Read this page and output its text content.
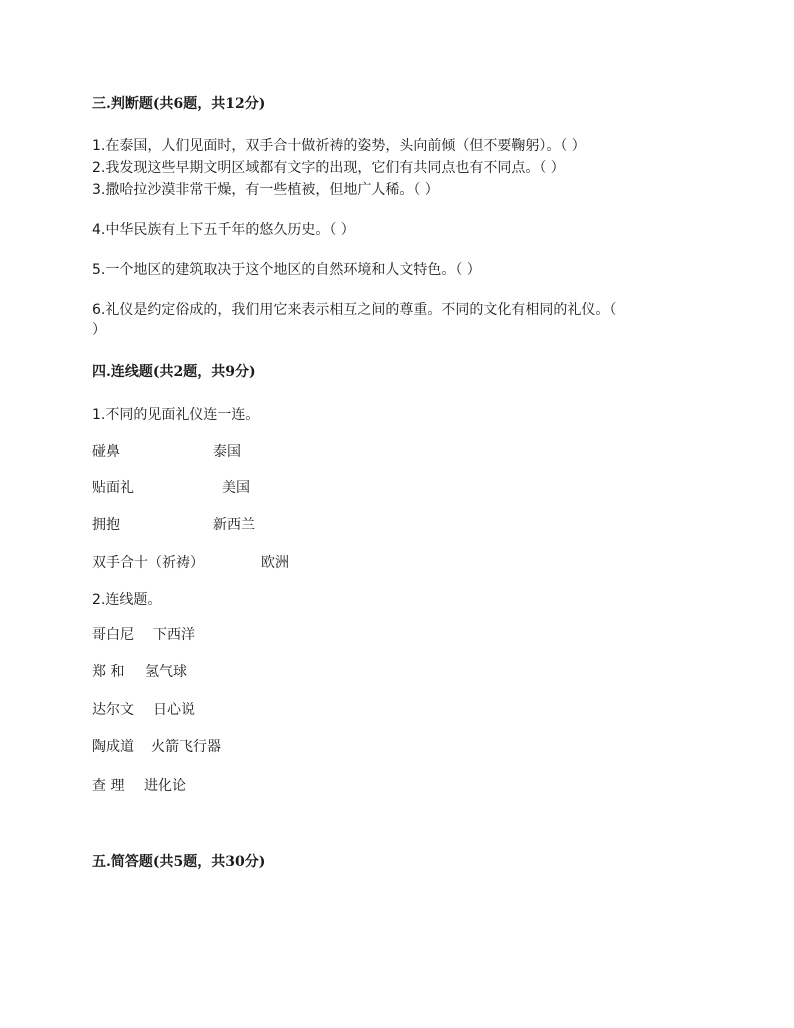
三.判断题(共6题，共12分)
1.在泰国，人们见面时，双手合十做祈祷的姿势，头向前倾（但不要鞠躬）。（ ）
2.我发现这些早期文明区域都有文字的出现，它们有共同点也有不同点。（ ）
3.撒哈拉沙漠非常干燥，有一些植被，但地广人稀。（ ）
4.中华民族有上下五千年的悠久历史。（ ）
5.一个地区的建筑取决于这个地区的自然环境和人文特色。（ ）
6.礼仪是约定俗成的，我们用它来表示相互之间的尊重。不同的文化有相同的礼仪。（
）
四.连线题(共2题，共9分)
1.不同的见面礼仪连一连。
碰鼻	泰国
贴面礼	美国
拥抱	新西兰
双手合十（祈祷）	欧洲
2.连线题。
哥白尼 下西洋
郑 和 氢气球
达尔文 日心说
陶成道 火箭飞行器
查 理 进化论
五.简答题(共5题，共30分)
